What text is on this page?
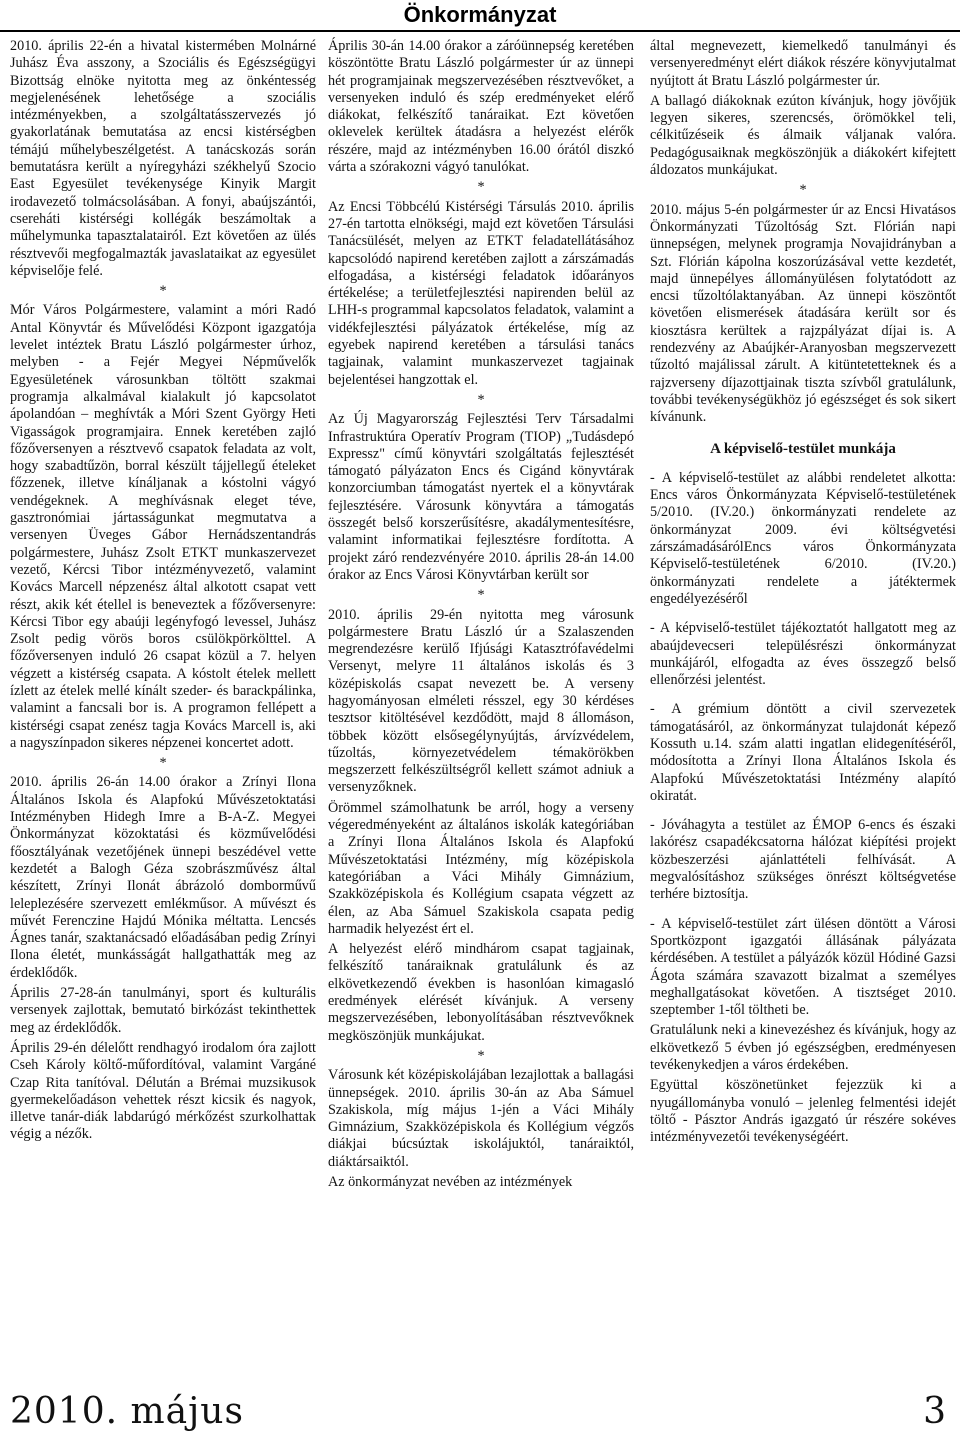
Önkormányzat

2010. április 22-én a hivatal kistermében Molnárné Juhász Éva asszony, a Szociális és Egészségügyi Bizottság elnöke nyitotta meg az önkéntesség megjelenésének lehetősége a szociális intézményekben, a szolgáltatásszervezés jó gyakorlatának bemutatása az encsi kistérségben témájú műhelybeszélgetést. A tanácskozás során bemutatásra került a nyíregyházi székhelyű Szocio East Egyesület tevékenysége Kinyik Margit irodavezető tolmácsolásában. A fonyi, abaújszántói, csereháti kistérségi kollégák beszámoltak a műhelymunka tapasztalatairól. Ezt követően az ülés résztvevői megfogalmazták javaslataikat az egyesület képviselője felé.

*

Mór Város Polgármestere, valamint a móri Radó Antal Könyvtár és Művelődési Központ igazgatója levelet intéztek Bratu László polgármester úrhoz, melyben - a Fejér Megyei Népművelők Egyesületének városunkban töltött szakmai programja alkalmával kialakult jó kapcsolatot ápolandóan – meghívták a Móri Szent György Heti Vigasságok programjaira. Ennek keretében zajló főzőversenyen a résztvevő csapatok feladata az volt, hogy szabadtűzön, borral készült tájjellegű ételeket főzzenek, illetve kínáljanak a kóstolni vágyó vendégeknek. A meghívásnak eleget téve, gasztronómiai jártasságunkat megmutatva a versenyen Üveges Gábor Hernádszentandrás polgármestere, Juhász Zsolt ETKT munkaszervezet vezető, Kércsi Tibor intézményvezető, valamint Kovács Marcell népzenész által alkotott csapat vett részt, akik két étellel is beneveztek a főzőversenyre: Kércsi Tibor egy abaúji legényfogó levessel, Juhász Zsolt pedig vörös boros csülökpörkölttel. A főzőversenyen induló 26 csapat közül a 7. helyen végzett a kistérség csapata. A kóstolt ételek mellett ízlett az ételek mellé kínált szeder- és barackpálinka, valamint a fancsali bor is. A programon fellépett a kistérségi csapat zenész tagja Kovács Marcell is, aki a nagyszínpadon sikeres népzenei koncertet adott.

*

2010. április 26-án 14.00 órakor a Zrínyi Ilona Általános Iskola és Alapfokú Művészetoktatási Intézményben Hidegh Imre a B-A-Z. Megyei Önkormányzat közoktatási és közművelődési főosztályának vezetőjének ünnepi beszédével vette kezdetét a Balogh Géza szobrászművész által készített, Zrínyi Ilonát ábrázoló domborművű leleplezésére szervezett emlékműsor. A művészt és művét Ferenczine Hajdú Mónika méltatta. Lencsés Ágnes tanár, szaktanácsadó előadásában pedig Zrínyi Ilona életét, munkásságát hallgathatták meg az érdeklődők.

Április 27-28-án tanulmányi, sport és kulturális versenyek zajlottak, bemutató birkózást tekinthettek meg az érdeklődők.

Április 29-én délelőtt rendhagyó irodalom óra zajlott Cseh Károly költő-műfordítóval, valamint Vargáné Czap Rita tanítóval. Délután a Brémai muzsikusok gyermekelőadáson vehettek részt kicsik és nagyok, illetve tanár-diák labdarúgó mérkőzést szurkolhattak végig a nézők.

Április 30-án 14.00 órakor a záróünnepség keretében köszöntötte Bratu László polgármester úr az ünnepi hét programjainak megszervezésében résztvevőket, a versenyeken induló és szép eredményeket elérő diákokat, felkészítő tanáraikat. Ezt követően oklevelek kerültek átadásra a helyezést elérők részére, majd az intézményben 16.00 órától diszkó várta a szórakozni vágyó tanulókat.

*

Az Encsi Többcélú Kistérségi Társulás 2010. április 27-én tartotta elnökségi, majd ezt követően Társulási Tanácsülését, melyen az ETKT feladatellátásához kapcsolódó napirend keretében zajlott a zárszámadás elfogadása, a kistérségi feladatok időarányos értékelése; a területfejlesztési napirenden belül az LHH-s programmal kapcsolatos feladatok, valamint a vidékfejlesztési pályázatok értékelése, míg az egyebek napirend keretében a társulási tanács tagjainak, valamint munkaszervezet tagjainak bejelentései hangzottak el.

*

Az Új Magyarország Fejlesztési Terv Társadalmi Infrastruktúra Operatív Program (TIOP) „Tudásdepó Expressz" című könyvtári szolgáltatás fejlesztését támogató pályázaton Encs és Cigánd könyvtárak konzorciumban támogatást nyertek el a könyvtárak fejlesztésére. Városunk könyvtára a támogatás összegét belső korszerűsítésre, akadálymentesítésre, valamint informatikai fejlesztésre fordította. A projekt záró rendezvényére 2010. április 28-án 14.00 órakor az Encs Városi Könyvtárban került sor

*

2010. április 29-én nyitotta meg városunk polgármestere Bratu László úr a Szalaszenden megrendezésre kerülő Ifjúsági Katasztrófavédelmi Versenyt, melyre 11 általános iskolás és 3 középiskolás csapat nevezett be. A verseny hagyományosan elméleti résszel, egy 30 kérdéses tesztsor kitöltésével kezdődött, majd 8 állomáson, többek között elsősegélynyújtás, árvízvédelem, tűzoltás, környezetvédelem témakörökben megszerzett felkészültségről kellett számot adniuk a versenyzőknek.

Örömmel számolhatunk be arról, hogy a verseny végeredményeként az általános iskolák kategóriában a Zrínyi Ilona Általános Iskola és Alapfokú Művészetoktatási Intézmény, míg középiskola kategóriában a Váci Mihály Gimnázium, Szakközépiskola és Kollégium csapata végzett az élen, az Aba Sámuel Szakiskola csapata pedig harmadik helyezést ért el.

A helyezést elérő mindhárom csapat tagjainak, felkészítő tanáraiknak gratulálunk és az elkövetkezendő években is hasonlóan kimagasló eredmények elérését kívánjuk. A verseny megszervezésében, lebonyolításában résztvevőknek megköszönjük munkájukat.

*

Városunk két középiskolájában lezajlottak a ballagási ünnepségek. 2010. április 30-án az Aba Sámuel Szakiskola, míg május 1-jén a Váci Mihály Gimnázium, Szakközépiskola és Kollégium végzős diákjai búcsúztak iskolájuktól, tanáraiktól, diáktársaiktól.

Az önkormányzat nevében az intézmények

által megnevezett, kiemelkedő tanulmányi és versenyeredményt elért diákok részére könyvjutalmat nyújtott át Bratu László polgármester úr.

A ballagó diákoknak ezúton kívánjuk, hogy jövőjük legyen sikeres, szerencsés, örömökkel teli, célkitűzéseik és álmaik váljanak valóra. Pedagógusaiknak megköszönjük a diákokért kifejtett áldozatos munkájukat.

*

2010. május 5-én polgármester úr az Encsi Hivatásos Önkormányzati Tűzoltóság Szt. Flórián napi ünnepségen, melynek programja Novajidrányban a Szt. Flórián kápolna koszorúzásával vette kezdetét, majd ünnepélyes állományülésen folytatódott az encsi tűzoltólaktanyában. Az ünnepi köszöntőt követően elismerések átadására került sor és kiosztásra kerültek a rajzpályázat díjai is. A rendezvény az Abaújkér-Aranyosban megszervezett tűzoltó majálissal zárult. A kitüntetetteknek és a rajzverseny díjazottjainak tiszta szívből gratulálunk, további tevékenységükhöz jó egészséget és sok sikert kívánunk.

A képviselő-testület munkája

- A képviselő-testület az alábbi rendeletet alkotta: Encs város Önkormányzata Képviselő-testületének 5/2010. (IV.20.) önkormányzati rendelete az önkormányzat 2009. évi költségvetési zárszámadásárólEncs város Önkormányzata Képviselő-testületének 6/2010. (IV.20.) önkormányzati rendelete a játéktermek engedélyezéséről

- A képviselő-testület tájékoztatót hallgatott meg az abaújdevecseri településrészi önkormányzat munkájáról, elfogadta az éves összegző belső ellenőrzési jelentést.

- A grémium döntött a civil szervezetek támogatásáról, az önkormányzat tulajdonát képező Kossuth u.14. szám alatti ingatlan elidegenítéséről, módosította a Zrínyi Ilona Általános Iskola és Alapfokú Művészetoktatási Intézmény alapító okiratát.

- Jóváhagyta a testület az ÉMOP 6-encs és északi lakórész csapadékcsatorna hálózat kiépítési projekt közbeszerzési ajánlattételi felhívását. A megvalósításhoz szükséges önrészt költségvetése terhére biztosítja.

- A képviselő-testület zárt ülésen döntött a Városi Sportközpont igazgatói állásának pályázata kérdésében. A testület a pályázók közül Hódiné Gazsi Ágota számára szavazott bizalmat a személyes meghallgatásokat követően. A tisztséget 2010. szeptember 1-től töltheti be.

Gratulálunk neki a kinevezéshez és kívánjuk, hogy az elkövetkező 5 évben jó egészségben, eredményesen tevékenykedjen a város érdekében.

Együttal köszönetünket fejezzük ki a nyugállományba vonuló – jelenleg felmentési idejét töltő - Pásztor András igazgató úr részére sokéves intézményvezetői tevékenységéért.

2010. május	3
